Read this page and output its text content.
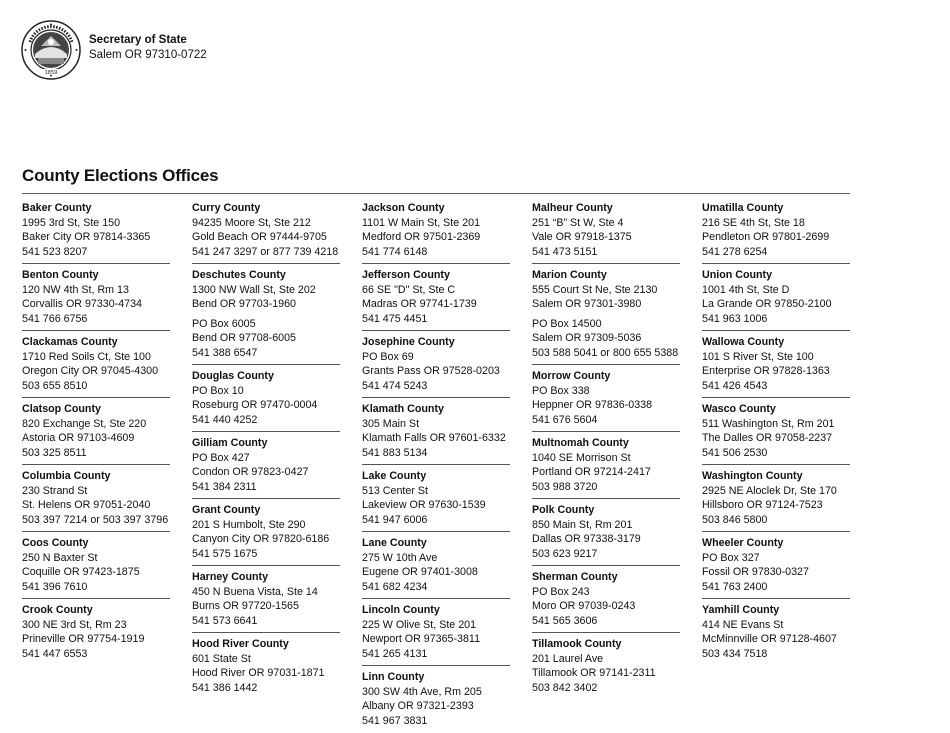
1859
Secretary of State
Salem OR 97310-0722
County Elections Offices
Baker County
1995 3rd St, Ste 150
Baker City OR 97814-3365
541 523 8207
Benton County
120 NW 4th St, Rm 13
Corvallis OR 97330-4734
541 766 6756
Clackamas County
1710 Red Soils Ct, Ste 100
Oregon City OR 97045-4300
503 655 8510
Clatsop County
820 Exchange St, Ste 220
Astoria OR 97103-4609
503 325 8511
Columbia County
230 Strand St
St. Helens OR 97051-2040
503 397 7214 or 503 397 3796
Coos County
250 N Baxter St
Coquille OR 97423-1875
541 396 7610
Crook County
300 NE 3rd St, Rm 23
Prineville OR 97754-1919
541 447 6553
Curry County
94235 Moore St, Ste 212
Gold Beach OR 97444-9705
541 247 3297 or 877 739 4218
Deschutes County
1300 NW Wall St, Ste 202
Bend OR 97703-1960
PO Box 6005
Bend OR 97708-6005
541 388 6547
Douglas County
PO Box 10
Roseburg OR 97470-0004
541 440 4252
Gilliam County
PO Box 427
Condon OR 97823-0427
541 384 2311
Grant County
201 S Humbolt, Ste 290
Canyon City OR 97820-6186
541 575 1675
Harney County
450 N Buena Vista, Ste 14
Burns OR 97720-1565
541 573 6641
Hood River County
601 State St
Hood River OR 97031-1871
541 386 1442
Jackson County
1101 W Main St, Ste 201
Medford OR 97501-2369
541 774 6148
Jefferson County
66 SE "D" St, Ste C
Madras OR 97741-1739
541 475 4451
Josephine County
PO Box 69
Grants Pass OR 97528-0203
541 474 5243
Klamath County
305 Main St
Klamath Falls OR 97601-6332
541 883 5134
Lake County
513 Center St
Lakeview OR 97630-1539
541 947 6006
Lane County
275 W 10th Ave
Eugene OR 97401-3008
541 682 4234
Lincoln County
225 W Olive St, Ste 201
Newport OR 97365-3811
541 265 4131
Linn County
300 SW 4th Ave, Rm 205
Albany OR 97321-2393
541 967 3831
Malheur County
251 “B” St W, Ste 4
Vale OR 97918-1375
541 473 5151
Marion County
555 Court St Ne, Ste 2130
Salem OR 97301-3980
PO Box 14500
Salem OR 97309-5036
503 588 5041 or 800 655 5388
Morrow County
PO Box 338
Heppner OR 97836-0338
541 676 5604
Multnomah County
1040 SE Morrison St
Portland OR 97214-2417
503 988 3720
Polk County
850 Main St, Rm 201
Dallas OR 97338-3179
503 623 9217
Sherman County
PO Box 243
Moro OR 97039-0243
541 565 3606
Tillamook County
201 Laurel Ave
Tillamook OR 97141-2311
503 842 3402
Umatilla County
216 SE 4th St, Ste 18
Pendleton OR 97801-2699
541 278 6254
Union County
1001 4th St, Ste D
La Grande OR 97850-2100
541 963 1006
Wallowa County
101 S River St, Ste 100
Enterprise OR 97828-1363
541 426 4543
Wasco County
511 Washington St, Rm 201
The Dalles OR 97058-2237
541 506 2530
Washington County
2925 NE Aloclek Dr, Ste 170
Hillsboro OR 97124-7523
503 846 5800
Wheeler County
PO Box 327
Fossil OR 97830-0327
541 763 2400
Yamhill County
414 NE Evans St
McMinnville OR 97128-4607
503 434 7518
